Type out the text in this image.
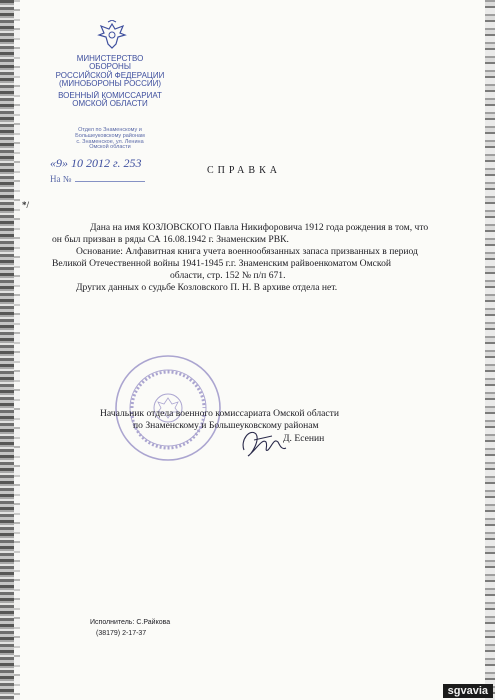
*/
МИНИСТЕРСТВО ОБОРОНЫ
РОССИЙСКОЙ ФЕДЕРАЦИИ
(МИНОБОРОНЫ РОССИИ)
ВОЕННЫЙ КОМИССАРИАТ
ОМСКОЙ ОБЛАСТИ
Отдел по Знаменскому и
Большеуковскому районам
с. Знаменское, ул. Ленина
Омской области
«9» 10 2012 г. 253
На №
СПРАВКА

Дана на имя КОЗЛОВСКОГО Павла Никифоровича 1912 года рождения в том, что

он был призван в ряды СА 16.08.1942 г. Знаменским РВК.

Основание: Алфавитная книга учета военнообязанных запаса призванных в период

Великой Отечественной войны 1941-1945 г.г. Знаменским райвоенкоматом Омской

области, стр. 152 № п/п 671.

Других данных о судьбе Козловского П. Н. В архиве отдела нет.

Начальник отдела военного комиссариата Омской области
по Знаменскому и Большеуковскому районам
Д. Есенин
Исполнитель: С.Райкова
(38179) 2-17-37
sgvavia
